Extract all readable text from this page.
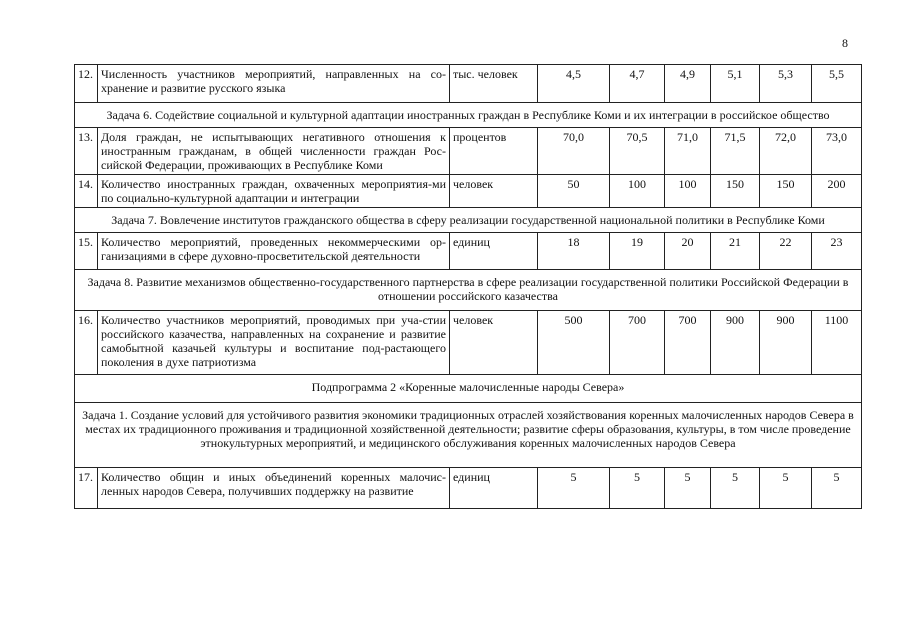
8
12.	Численность участников мероприятий, направленных на со-хранение и развитие русского языка	тыс. человек	4,5	4,7	4,9	5,1	5,3	5,5
Задача 6. Содействие социальной и культурной адаптации иностранных граждан в Республике Коми и их интеграции в российское общество								
13.	Доля граждан, не испытывающих негативного отношения к иностранным гражданам, в общей численности граждан Рос-сийской Федерации, проживающих в Республике Коми	процентов	70,0	70,5	71,0	71,5	72,0	73,0
14.	Количество иностранных граждан, охваченных мероприятия-ми по социально-культурной адаптации и интеграции	человек	50	100	100	150	150	200
Задача 7. Вовлечение институтов гражданского общества в сферу реализации государственной национальной политики в Республике Коми								
15.	Количество мероприятий, проведенных некоммерческими ор-ганизациями в сфере духовно-просветительской деятельности	единиц	18	19	20	21	22	23
Задача 8. Развитие механизмов общественно-государственного партнерства в сфере реализации государственной политики Российской Федерации в отношении российского казачества								
16.	Количество участников мероприятий, проводимых при уча-стии российского казачества, направленных на сохранение и развитие самобытной казачьей культуры и воспитание под-растающего поколения в духе патриотизма	человек	500	700	700	900	900	1100
Подпрограмма 2 «Коренные малочисленные народы Севера»								
Задача 1. Создание условий для устойчивого развития экономики традиционных отраслей хозяйствования коренных малочисленных народов Севера в местах их традиционного проживания и традиционной хозяйственной деятельности; развитие сферы образования, культуры, в том числе проведение этнокультурных мероприятий, и медицинского обслуживания коренных малочисленных народов Севера								
17.	Количество общин и иных объединений коренных малочис-ленных народов Севера, получивших поддержку на развитие	единиц	5	5	5	5	5	5
